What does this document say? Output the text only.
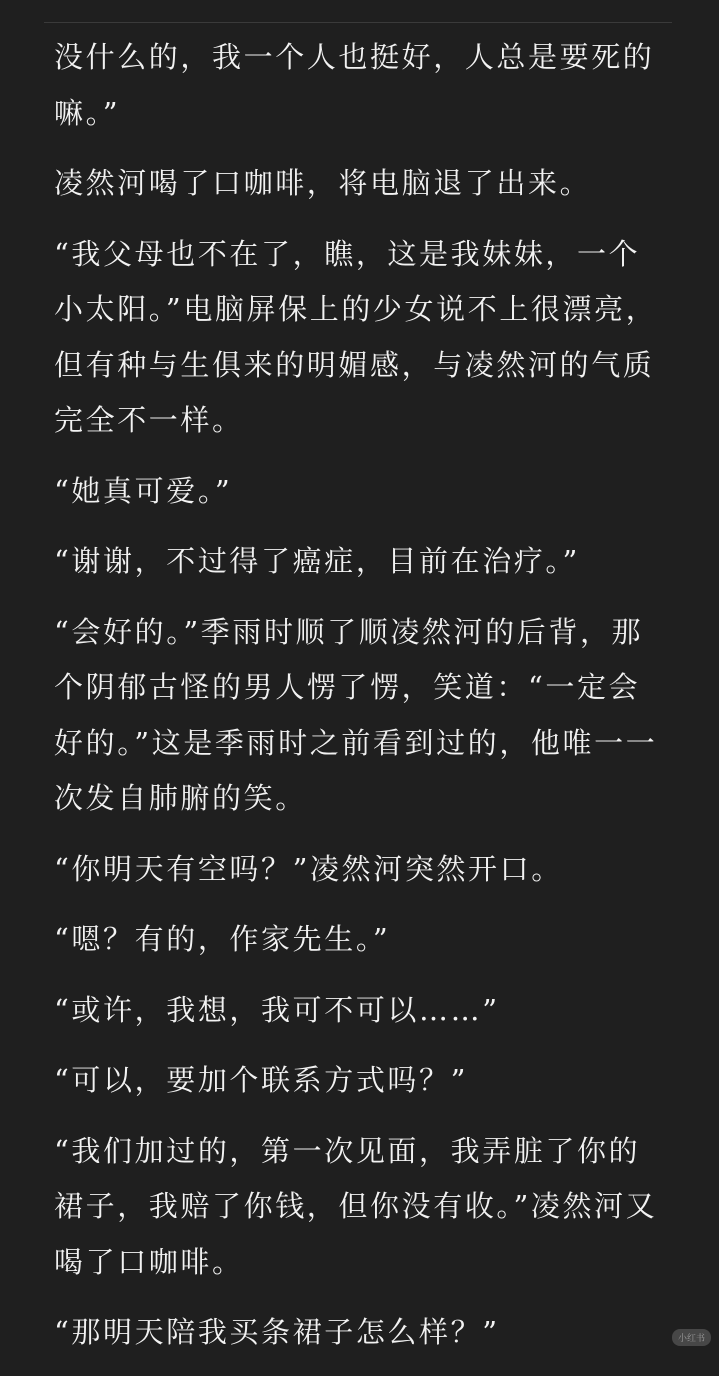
没什么的，我一个人也挺好，人总是要死的嘛。”

凌然河喝了口咖啡，将电脑退了出来。

“我父母也不在了，瞧，这是我妹妹，一个小太阳。”电脑屏保上的少女说不上很漂亮，但有种与生俱来的明媚感，与凌然河的气质完全不一样。

“她真可爱。”

“谢谢，不过得了癌症，目前在治疗。”

“会好的。”季雨时顺了顺凌然河的后背，那个阴郁古怪的男人愣了愣，笑道：“一定会好的。”这是季雨时之前看到过的，他唯一一次发自肺腑的笑。

“你明天有空吗？”凌然河突然开口。

“嗯？有的，作家先生。”

“或许，我想，我可不可以……”

“可以，要加个联系方式吗？”

“我们加过的，第一次见面，我弄脏了你的裙子，我赔了你钱，但你没有收。”凌然河又喝了口咖啡。

“那明天陪我买条裙子怎么样？”	小红书
